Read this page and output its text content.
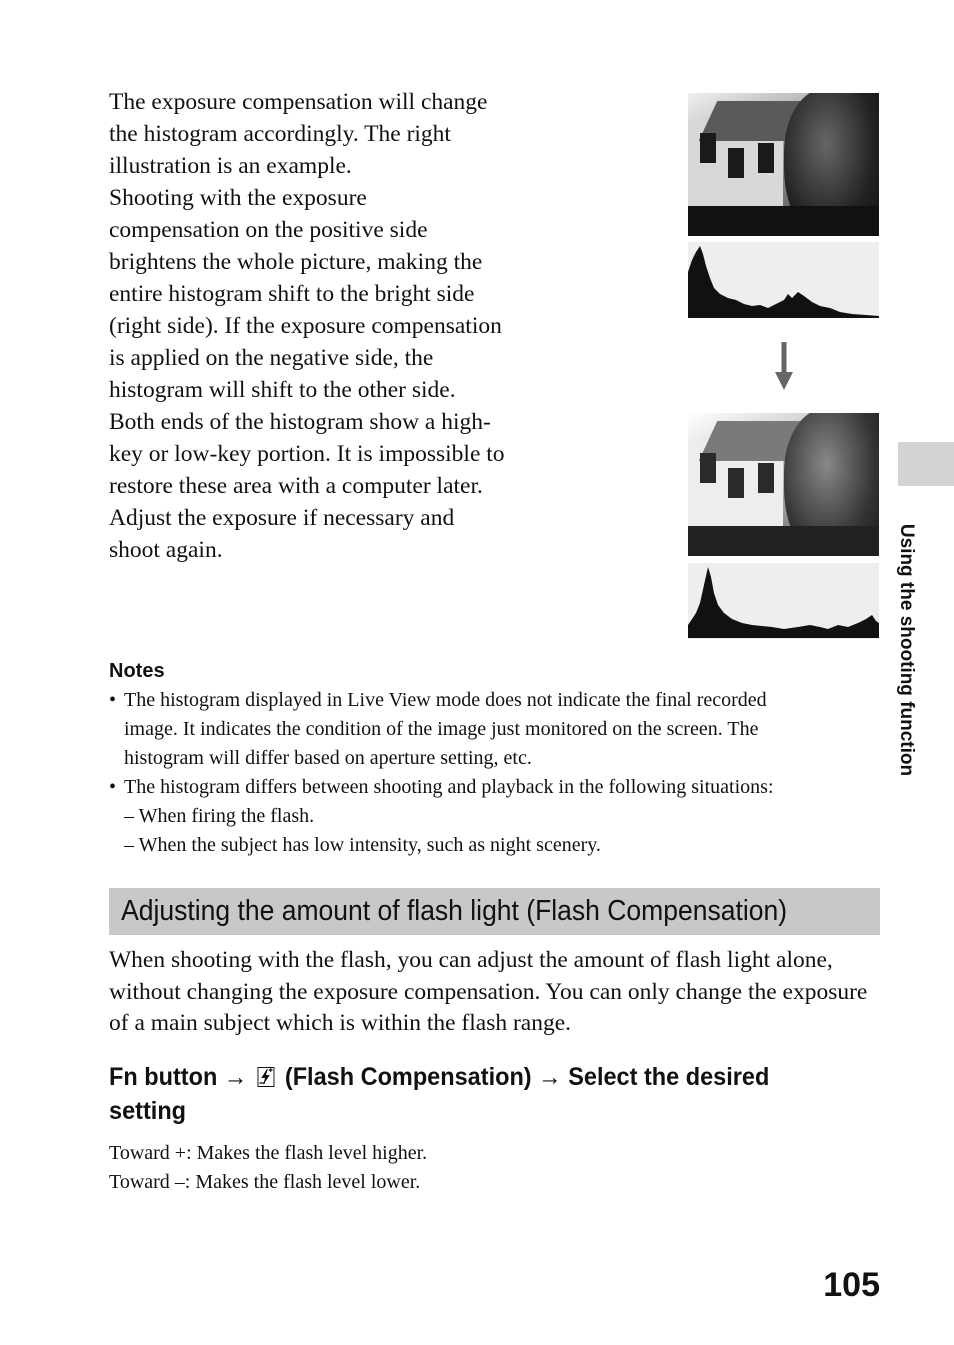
The exposure compensation will change
the histogram accordingly. The right
illustration is an example.
Shooting with the exposure
compensation on the positive side
brightens the whole picture, making the
entire histogram shift to the bright side
(right side). If the exposure compensation
is applied on the negative side, the
histogram will shift to the other side.
Both ends of the histogram show a high-
key or low-key portion. It is impossible to
restore these area with a computer later.
Adjust the exposure if necessary and
shoot again.	Using the shooting function
Notes
• The histogram displayed in Live View mode does not indicate the final recorded
image. It indicates the condition of the image just monitored on the screen. The
histogram will differ based on aperture setting, etc.
• The histogram differs between shooting and playback in the following situations:
– When firing the flash.
– When the subject has low intensity, such as night scenery.
Adjusting the amount of flash light (Flash Compensation)

When shooting with the flash, you can adjust the amount of flash light alone, without changing the exposure compensation. You can only change the exposure of a main subject which is within the flash range.

Fn button → (Flash Compensation) → Select the desired setting

Toward +: Makes the flash level higher.
Toward –: Makes the flash level lower.
105
